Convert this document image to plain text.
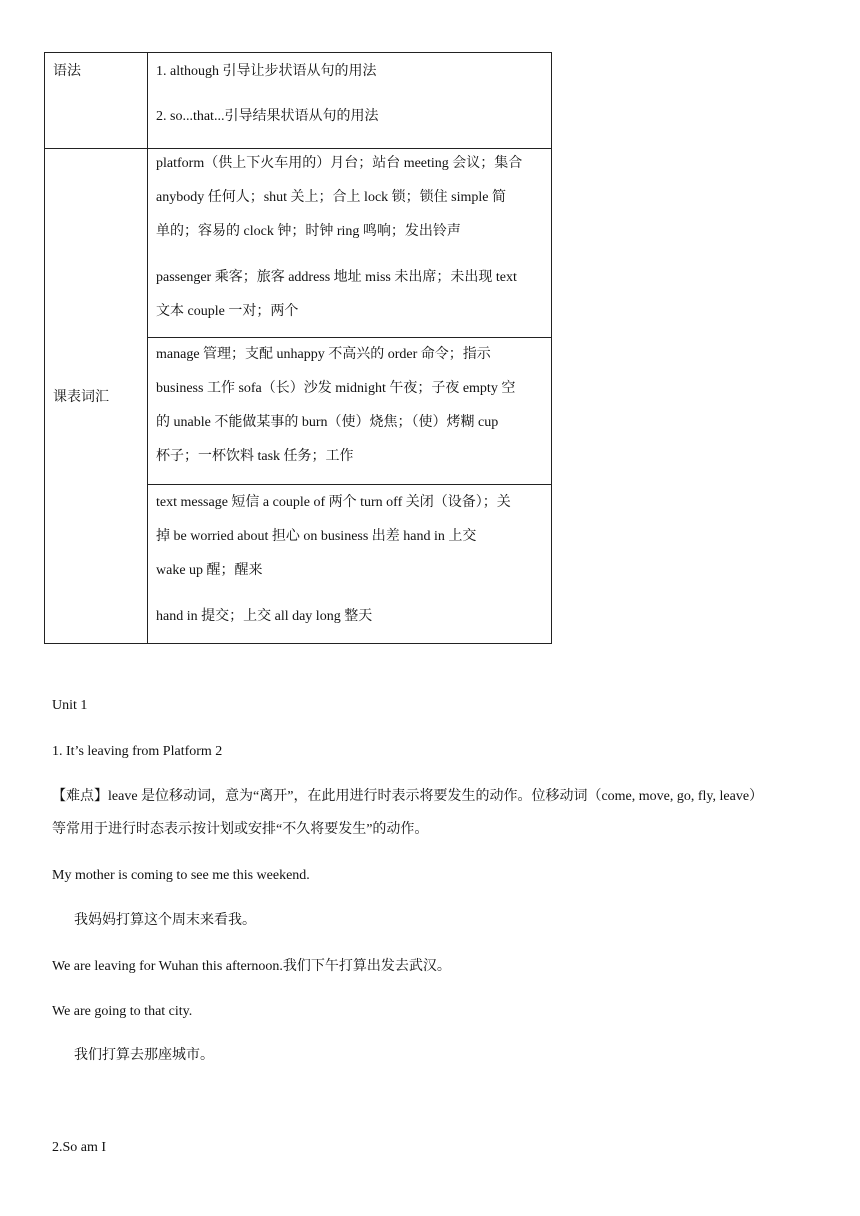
语法	1. although 引导让步状语从句的用法
2. so...that...引导结果状语从句的用法

课表词汇	platform（供上下火车用的）月台；站台 meeting 会议；集合
anybody 任何人；shut 关上；合上 lock 锁；锁住 simple 简
单的；容易的 clock 钟；时钟 ring 鸣响；发出铃声
passenger 乘客；旅客 address 地址 miss 未出席；未出现 text
文本 couple 一对；两个

	manage 管理；支配 unhappy 不高兴的 order 命令；指示
business 工作 sofa（长）沙发 midnight 午夜；子夜 empty 空
的 unable 不能做某事的 burn（使）烧焦；（使）烤糊 cup
杯子；一杯饮料 task 任务；工作

	text message 短信 a couple of 两个 turn off 关闭（设备）；关
掉 be worried about 担心 on business 出差 hand in 上交
wake up 醒；醒来
hand in 提交；上交 all day long 整天
Unit 1
1. It’s leaving from Platform 2
【难点】leave 是位移动词，意为“离开”，在此用进行时表示将要发生的动作。位移动词（come, move, go, fly, leave）
等常用于进行时态表示按计划或安排“不久将要发生”的动作。
My mother is coming to see me this weekend.
我妈妈打算这个周末来看我。
We are leaving for Wuhan this afternoon.我们下午打算出发去武汉。
We are going to that city.
我们打算去那座城市。
2.So am I
